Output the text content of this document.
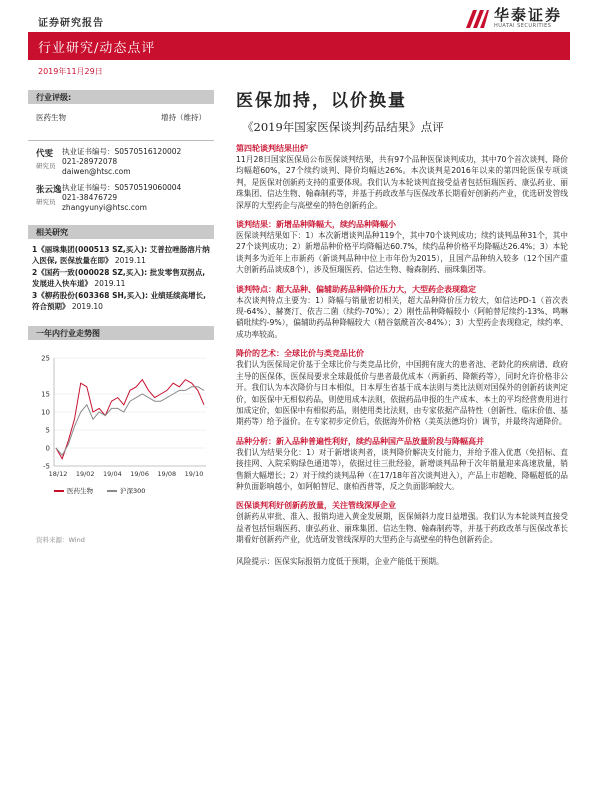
证券研究报告	华泰证券
HUATAI SECURITIES
行业研究/动态点评
2019年11月29日
行业评级:
医药生物	增持（维持）
代雯
研究员
执业证书编号：S0570516120002
021-28972078
daiwen@htsc.com
张云逸
研究员
执业证书编号：S0570519060004
021-38476729
zhangyunyi@htsc.com
相关研究
1《丽珠集团(000513 SZ,买入): 艾普拉唑肠溶片纳入医保, 医保放量在即》 2019.11
2《国药一致(000028 SZ,买入): 批发零售双拐点, 发展进入快车道》 2019.11
3《柳药股份(603368 SH,买入): 业绩延续高增长, 符合预期》 2019.10
一年内行业走势图
-5
0
5
10
15
25
18/12 19/02 19/04 19/06 19/08 19/10
医药生物	沪深300
资料来源：Wind
医保加持，以价换量
《2019年国家医保谈判药品结果》点评
第四轮谈判结果出炉
11月28日国家医保局公布医保谈判结果，共有97个品种医保谈判成功，其中70个首次谈判、降价均幅超60%，27个续约谈判、降价均幅达26%。本次谈判是2016年以来的第四轮医保专项谈判，是医保对创新药支持的重要体现。我们认为本轮谈判直接受益者包括恒瑞医药、康弘药业、丽珠集团、信达生物、翰森制药等，并基于药政改革与医保改革长期看好创新药产业，优选研发管线深厚的大型药企与高壁垒的特色创新药企。
谈判结果：新增品种降幅大，续约品种降幅小
医保谈判结果如下：1）本次新增谈判品种119个，其中70个谈判成功；续约谈判品种31个，其中27个谈判成功；2）新增品种价格平均降幅达60.7%，续约品种价格平均降幅达26.4%；3）本轮谈判多为近年上市新药（新谈判品种中位上市年份为2015），且国产品种纳入较多（12个国产重大创新药品谈成8个），涉及恒瑞医药、信达生物、翰森制药、丽珠集团等。
谈判特点：超大品种、偏辅助药品种降价压力大，大型药企表现稳定
本次谈判特点主要为：1）降幅与销量密切相关，超大品种降价压力较大，如信达PD-1（首次表现-64%）、赫赛汀、依吉二菌（续约-70%）；2）刚性品种降幅较小（阿帕替尼续约-13%、鸣啉硝吡续约-9%），偏辅助药品种降幅较大（精谷氨酰首次-84%）；3）大型药企表现稳定，续约率、成功率较高。
降价的艺术：全球比价与类竞品比价
我们认为医保局定价基于全球比价与类竞品比价，中国拥有庞大的患者池、老龄化的疾病谱、政府主导的医保体，医保局要求全球最低价与患者最优成本（两新药、降额药等），同时允许价格非公开。我们认为本次降价与日本相似，日本厚生省基于成本法则与类比法则对国保外的创新药谈判定价，如医保中无相似药品，则使用成本法则，依据药品申报的生产成本、本土的平均经营费用进行加成定价，如医保中有相似药品，则使用类比法则，由专家依据产品特性（创新性、临床价值、基期药等）给予溢价。在专家初步定价后，依据海外价格（美英法德均价）调节，并最终沟通降价。
品种分析：新入品种普遍性利好，续约品种国产品放量阶段与降幅高并
我们认为结果分化：1）对于新增谈判者，谈判降价解决支付能力，并给予准入优惠（免招标、直接挂网、入院采购绿色通道等），依据过往三批经验，新增谈判品种于次年销量迎来高速放量，销售额大幅增长；2）对于续约谈判品种（在17/18年首次谈判进入），产品上市超晚、降幅超低的品种负面影响越小，如阿帕替尼、康柏西普等，反之负面影响较大。
医保谈判利好创新药放量，关注管线深厚企业
创新药从审批、准入、报销均进入黄金发展期，医保倾斜力度日益增强。我们认为本轮谈判直接受益者包括恒瑞医药、康弘药业、丽珠集团、信达生物、翰森制药等，并基于药政改革与医保改革长期看好创新药产业，优选研发管线深厚的大型药企与高壁垒的特色创新药企。
风险提示：医保实际报销力度低于预期，企业产能低于预期。
